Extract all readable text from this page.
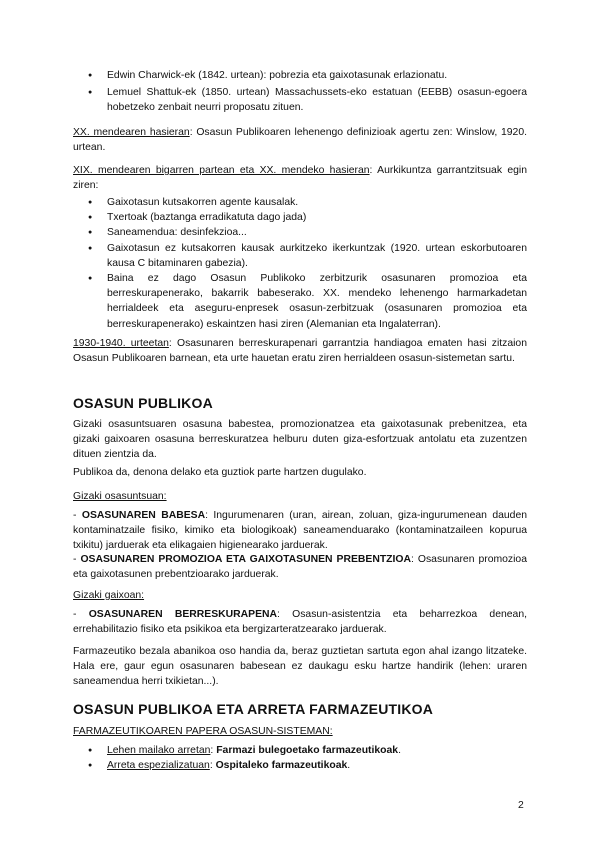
● Edwin Charwick-ek (1842. urtean): pobrezia eta gaixotasunak erlazionatu.
● Lemuel Shattuk-ek (1850. urtean) Massachussets-eko estatuan (EEBB) osasun-egoera hobetzeko zenbait neurri proposatu zituen.

XX. mendearen hasieran: Osasun Publikoaren lehenengo definizioak agertu zen: Winslow, 1920. urtean.

XIX. mendearen bigarren partean eta XX. mendeko hasieran: Aurkikuntza garrantzitsuak egin ziren:

● Gaixotasun kutsakorren agente kausalak.
● Txertoak (baztanga erradikatuta dago jada)
● Saneamendua: desinfekzioa...
● Gaixotasun ez kutsakorren kausak aurkitzeko ikerkuntzak (1920. urtean eskorbutoaren kausa C bitaminaren gabezia).
● Baina ez dago Osasun Publikoko zerbitzurik osasunaren promozioa eta berreskurapenerako, bakarrik babeserako. XX. mendeko lehenengo harmarkadetan herrialdeek eta aseguru-enpresek osasun-zerbitzuak (osasunaren promozioa eta berreskurapenerako) eskaintzen hasi ziren (Alemanian eta Ingalaterran).

1930-1940. urteetan: Osasunaren berreskurapenari garrantzia handiagoa ematen hasi zitzaion Osasun Publikoaren barnean, eta urte hauetan eratu ziren herrialdeen osasun-sistemetan sartu.

OSASUN PUBLIKOA

Gizaki osasuntsuaren osasuna babestea, promozionatzea eta gaixotasunak prebenitzea, eta gizaki gaixoaren osasuna berreskuratzea helburu duten giza-esfortzuak antolatu eta zuzentzen dituen zientzia da.

Publikoa da, denona delako eta guztiok parte hartzen dugulako.

Gizaki osasuntsuan:

- OSASUNAREN BABESA: Ingurumenaren (uran, airean, zoluan, giza-ingurumenean dauden kontaminatzaile fisiko, kimiko eta biologikoak) saneamenduarako (kontaminatzaileen kopurua txikitu) jarduerak eta elikagaien higienearako jarduerak.

- OSASUNAREN PROMOZIOA ETA GAIXOTASUNEN PREBENTZIOA: Osasunaren promozioa eta gaixotasunen prebentzioarako jarduerak.

Gizaki gaixoan:

- OSASUNAREN BERRESKURAPENA: Osasun-asistentzia eta beharrezkoa denean, errehabilitazio fisiko eta psikikoa eta bergizarteratzearako jarduerak.

Farmazeutiko bezala abanikoa oso handia da, beraz guztietan sartuta egon ahal izango litzateke. Hala ere, gaur egun osasunaren babesean ez daukagu esku hartze handirik (lehen: uraren saneamendua herri txikietan...).

OSASUN PUBLIKOA ETA ARRETA FARMAZEUTIKOA

FARMAZEUTIKOAREN PAPERA OSASUN-SISTEMAN:

● Lehen mailako arretan: Farmazi bulegoetako farmazeutikoak.
● Arreta espezializatuan: Ospitaleko farmazeutikoak.
2
